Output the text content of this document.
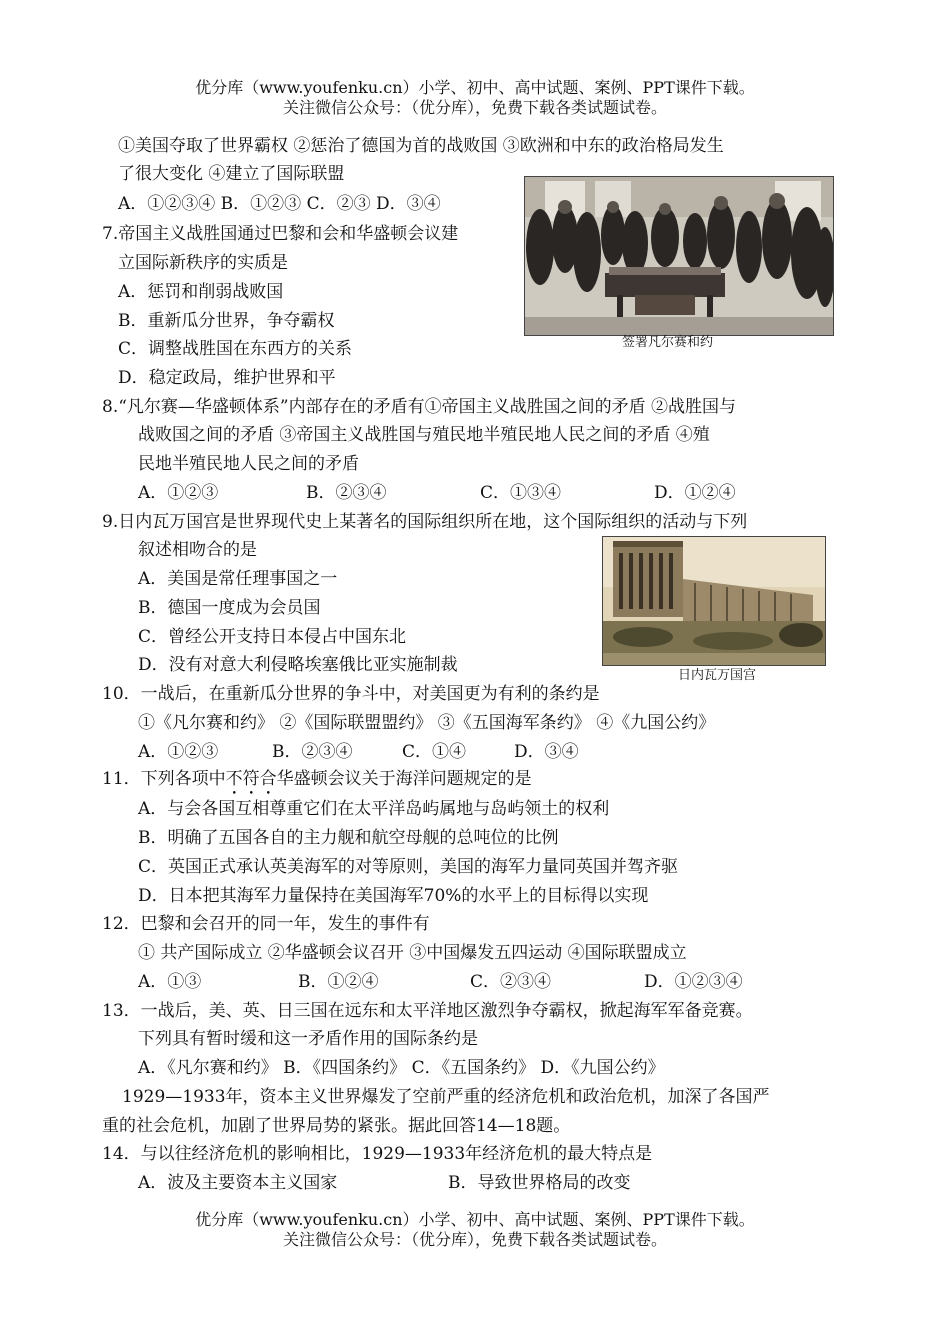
优分库（www.youfenku.cn）小学、初中、高中试题、案例、PPT课件下载。
关注微信公众号：（优分库），免费下载各类试题试卷。
①美国夺取了世界霸权 ②惩治了德国为首的战败国 ③欧洲和中东的政治格局发生
了很大变化 ④建立了国际联盟
A．①②③④ B．①②③ C．②③ D．③④
签署凡尔赛和约
7.帝国主义战胜国通过巴黎和会和华盛顿会议建
立国际新秩序的实质是
A．惩罚和削弱战败国
B．重新瓜分世界，争夺霸权
C．调整战胜国在东西方的关系
D．稳定政局，维护世界和平
8.“凡尔赛—华盛顿体系”内部存在的矛盾有①帝国主义战胜国之间的矛盾 ②战胜国与
战败国之间的矛盾 ③帝国主义战胜国与殖民地半殖民地人民之间的矛盾 ④殖
民地半殖民地人民之间的矛盾
A．①②③	B．②③④	C．①③④	D．①②④
9.日内瓦万国宫是世界现代史上某著名的国际组织所在地，这个国际组织的活动与下列
叙述相吻合的是
A．美国是常任理事国之一
B．德国一度成为会员国
C．曾经公开支持日本侵占中国东北
D．没有对意大利侵略埃塞俄比亚实施制裁
日内瓦万国宫
10．一战后，在重新瓜分世界的争斗中，对美国更为有利的条约是
①《凡尔赛和约》 ②《国际联盟盟约》 ③《五国海军条约》 ④《九国公约》
A．①②③	B．②③④	C．①④	D．③④
11．下列各项中不符合华盛顿会议关于海洋问题规定的是
A．与会各国互相尊重它们在太平洋岛屿属地与岛屿领土的权利
B．明确了五国各自的主力舰和航空母舰的总吨位的比例
C．英国正式承认英美海军的对等原则，美国的海军力量同英国并驾齐驱
D．日本把其海军力量保持在美国海军70%的水平上的目标得以实现
12．巴黎和会召开的同一年，发生的事件有
① 共产国际成立 ②华盛顿会议召开 ③中国爆发五四运动 ④国际联盟成立
A．①③	B．①②④	C．②③④	D．①②③④
13．一战后，美、英、日三国在远东和太平洋地区激烈争夺霸权，掀起海军军备竞赛。
下列具有暂时缓和这一矛盾作用的国际条约是
A．《凡尔赛和约》 B．《四国条约》 C．《五国条约》 D．《九国公约》
1929—1933年，资本主义世界爆发了空前严重的经济危机和政治危机，加深了各国严
重的社会危机，加剧了世界局势的紧张。据此回答14—18题。
14．与以往经济危机的影响相比，1929—1933年经济危机的最大特点是
A．波及主要资本主义国家	B．导致世界格局的改变
优分库（www.youfenku.cn）小学、初中、高中试题、案例、PPT课件下载。
关注微信公众号：（优分库），免费下载各类试题试卷。
